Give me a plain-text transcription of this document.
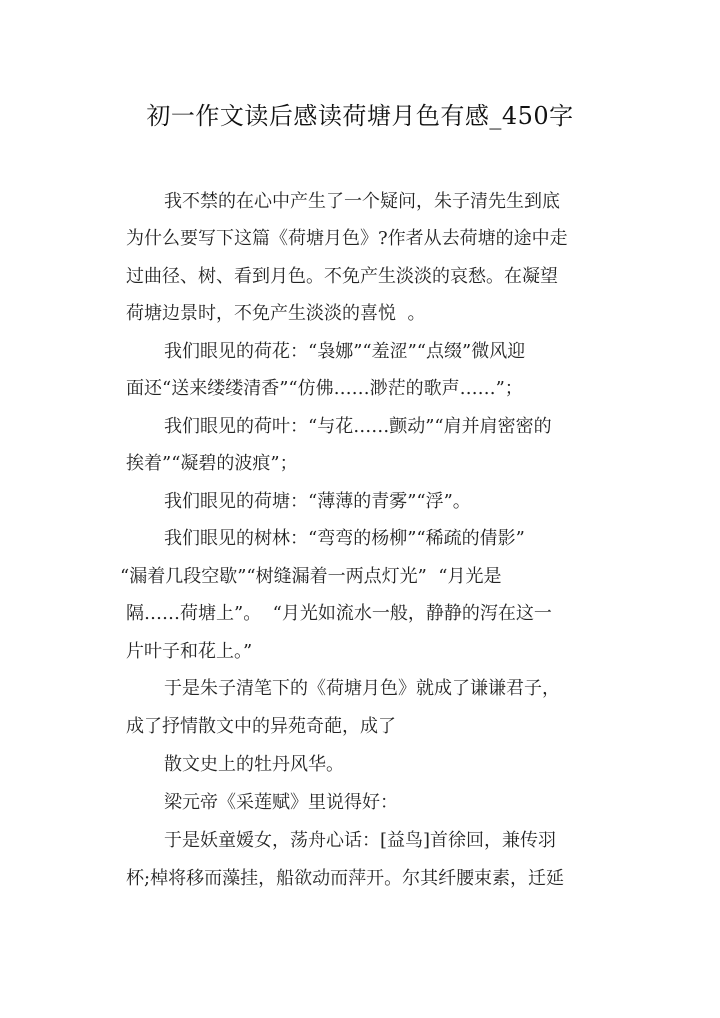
初一作文读后感读荷塘月色有感_450字
我不禁的在心中产生了一个疑问，朱子清先生到底
为什么要写下这篇《荷塘月色》?作者从去荷塘的途中走
过曲径、树、看到月色。不免产生淡淡的哀愁。在凝望
荷塘边景时，不免产生淡淡的喜悦  。
我们眼见的荷花：“袅娜”“羞涩”“点缀”微风迎
面还“送来缕缕清香”“仿佛……渺茫的歌声……”；
我们眼见的荷叶：“与花……颤动”“肩并肩密密的
挨着”“凝碧的波痕”；
我们眼见的荷塘：“薄薄的青雾”“浮”。
我们眼见的树林：“弯弯的杨柳”“稀疏的倩影”
“漏着几段空歇”“树缝漏着一两点灯光”  “月光是
隔……荷塘上”。  “月光如流水一般，静静的泻在这一
片叶子和花上。”
于是朱子清笔下的《荷塘月色》就成了谦谦君子，
成了抒情散文中的异苑奇葩，成了
散文史上的牡丹风华。
梁元帝《采莲赋》里说得好：
于是妖童嫒女，荡舟心话：[益鸟]首徐回，兼传羽
杯;棹将移而藻挂，船欲动而萍开。尔其纤腰束素，迁延
